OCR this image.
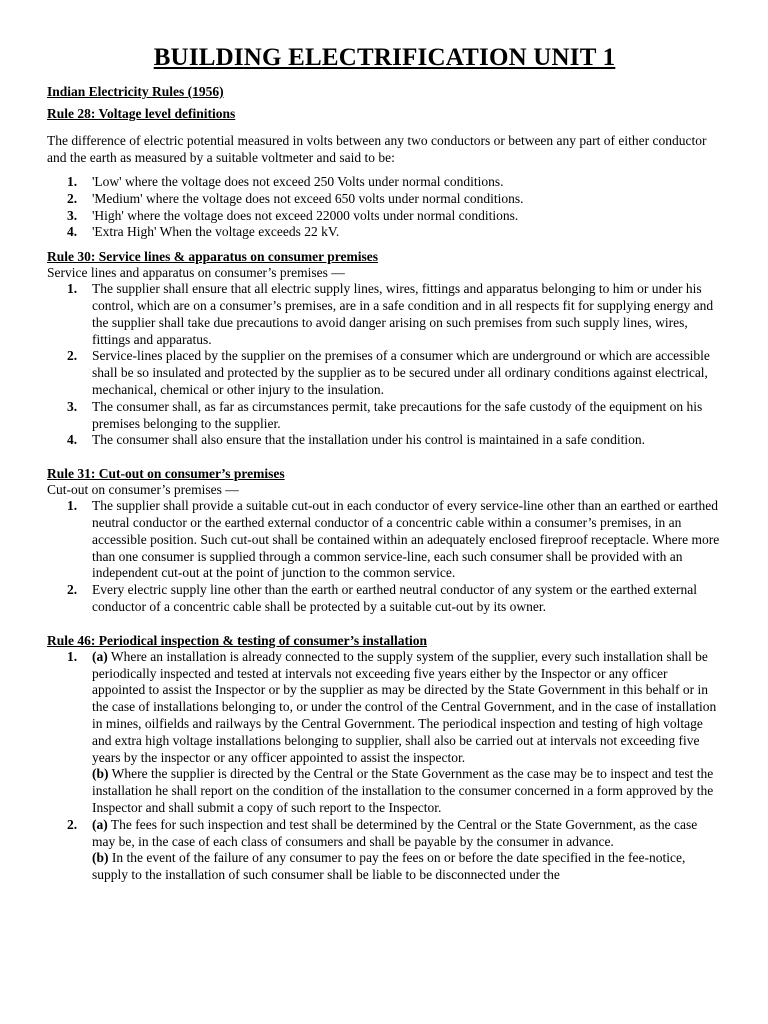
BUILDING ELECTRIFICATION UNIT 1
Indian Electricity Rules (1956)
Rule 28: Voltage level definitions

The difference of electric potential measured in volts between any two conductors or between any part of either conductor and the earth as measured by a suitable voltmeter and said to be:

1. 'Low' where the voltage does not exceed 250 Volts under normal conditions.
2. 'Medium' where the voltage does not exceed 650 volts under normal conditions.
3. 'High' where the voltage does not exceed 22000 volts under normal conditions.
4. 'Extra High' When the voltage exceeds 22 kV.
Rule 30: Service lines & apparatus on consumer premises

Service lines and apparatus on consumer’s premises —

1. The supplier shall ensure that all electric supply lines, wires, fittings and apparatus belonging to him or under his control, which are on a consumer’s premises, are in a safe condition and in all respects fit for supplying energy and the supplier shall take due precautions to avoid danger arising on such premises from such supply lines, wires, fittings and apparatus.
2. Service-lines placed by the supplier on the premises of a consumer which are underground or which are accessible shall be so insulated and protected by the supplier as to be secured under all ordinary conditions against electrical, mechanical, chemical or other injury to the insulation.
3. The consumer shall, as far as circumstances permit, take precautions for the safe custody of the equipment on his premises belonging to the supplier.
4. The consumer shall also ensure that the installation under his control is maintained in a safe condition.
Rule 31: Cut-out on consumer’s premises

Cut-out on consumer’s premises —

1. The supplier shall provide a suitable cut-out in each conductor of every service-line other than an earthed or earthed neutral conductor or the earthed external conductor of a concentric cable within a consumer’s premises, in an accessible position. Such cut-out shall be contained within an adequately enclosed fireproof receptacle. Where more than one consumer is supplied through a common service-line, each such consumer shall be provided with an independent cut-out at the point of junction to the common service.
2. Every electric supply line other than the earth or earthed neutral conductor of any system or the earthed external conductor of a concentric cable shall be protected by a suitable cut-out by its owner.
Rule 46: Periodical inspection & testing of consumer’s installation
1. (a) Where an installation is already connected to the supply system of the supplier, every such installation shall be periodically inspected and tested at intervals not exceeding five years either by the Inspector or any officer appointed to assist the Inspector or by the supplier as may be directed by the State Government in this behalf or in the case of installations belonging to, or under the control of the Central Government, and in the case of installation in mines, oilfields and railways by the Central Government. The periodical inspection and testing of high voltage and extra high voltage installations belonging to supplier, shall also be carried out at intervals not exceeding five years by the inspector or any officer appointed to assist the inspector.
(b) Where the supplier is directed by the Central or the State Government as the case may be to inspect and test the installation he shall report on the condition of the installation to the consumer concerned in a form approved by the Inspector and shall submit a copy of such report to the Inspector.
2. (a) The fees for such inspection and test shall be determined by the Central or the State Government, as the case may be, in the case of each class of consumers and shall be payable by the consumer in advance.
(b) In the event of the failure of any consumer to pay the fees on or before the date specified in the fee-notice, supply to the installation of such consumer shall be liable to be disconnected under the
